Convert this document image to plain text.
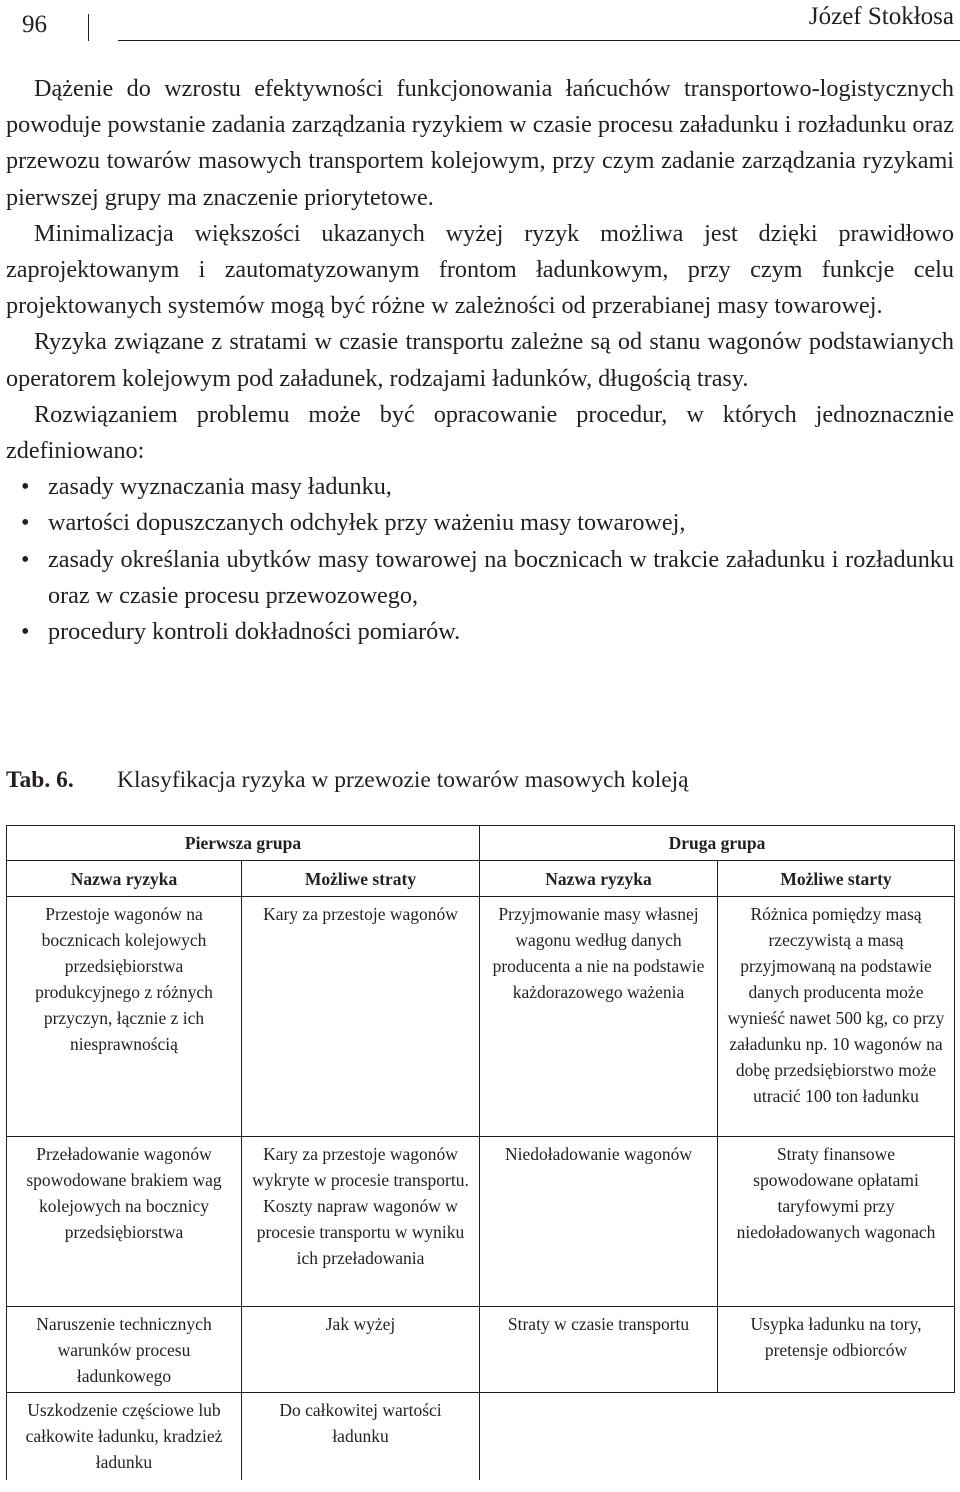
96	Józef Stokłosa

Dążenie do wzrostu efektywności funkcjonowania łańcuchów transportowo-logistycznych powoduje powstanie zadania zarządzania ryzykiem w czasie procesu załadunku i rozładunku oraz przewozu towarów masowych transportem kolejowym, przy czym zadanie zarządzania ryzykami pierwszej grupy ma znaczenie priorytetowe.

Minimalizacja większości ukazanych wyżej ryzyk możliwa jest dzięki prawidłowo zaprojektowanym i zautomatyzowanym frontom ładunkowym, przy czym funkcje celu projektowanych systemów mogą być różne w zależności od przerabianej masy towarowej.

Ryzyka związane z stratami w czasie transportu zależne są od stanu wagonów podstawianych operatorem kolejowym pod załadunek, rodzajami ładunków, długością trasy.

Rozwiązaniem problemu może być opracowanie procedur, w których jednoznacznie zdefiniowano:

• zasady wyznaczania masy ładunku,
• wartości dopuszczanych odchyłek przy ważeniu masy towarowej,
• zasady określania ubytków masy towarowej na bocznicach w trakcie załadunku i rozładunku oraz w czasie procesu przewozowego,
• procedury kontroli dokładności pomiarów.
Tab. 6. Klasyfikacja ryzyka w przewozie towarów masowych koleją
Pierwsza grupa		Druga grupa	
Nazwa ryzyka	Możliwe straty	Nazwa ryzyka	Możliwe starty
Przestoje wagonów na bocznicach kolejowych przedsiębiorstwa produkcyjnego z różnych przyczyn, łącznie z ich niesprawnością	Kary za przestoje wagonów	Przyjmowanie masy własnej wagonu według danych producenta a nie na podstawie każdorazowego ważenia	Różnica pomiędzy masą rzeczywistą a masą przyjmowaną na podstawie danych producenta może wynieść nawet 500 kg, co przy załadunku np. 10 wagonów na dobę przedsiębiorstwo może utracić 100 ton ładunku
Przeładowanie wagonów spowodowane brakiem wag kolejowych na bocznicy przedsiębiorstwa	Kary za przestoje wagonów wykryte w procesie transportu. Koszty napraw wagonów w procesie transportu w wyniku ich przeładowania	Niedoładowanie wagonów	Straty finansowe spowodowane opłatami taryfowymi przy niedoładowanych wagonach
Naruszenie technicznych warunków procesu ładunkowego	Jak wyżej	Straty w czasie transportu	Usypka ładunku na tory, pretensje odbiorców
Uszkodzenie częściowe lub całkowite ładunku, kradzież ładunku	Do całkowitej wartości ładunku		
